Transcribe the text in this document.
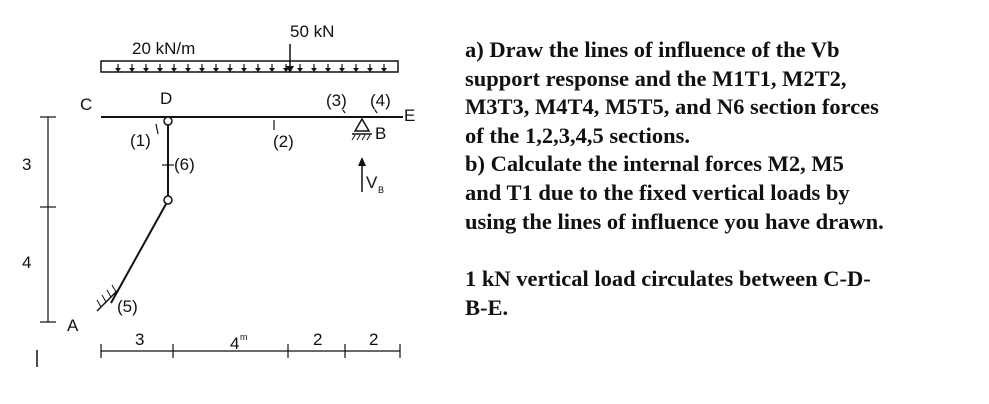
20 kN/m
50 kN
C	D
E
(1)
(6)
(2)
(3) (4)
(5)
B
V B
A
3
4
3	4 m	2	2

a) Draw the lines of influence of the Vb

support response and the M1T1, M2T2,

M3T3, M4T4, M5T5, and N6 section forces

of the 1,2,3,4,5 sections.

b) Calculate the internal forces M2, M5

and T1 due to the fixed vertical loads by

using the lines of influence you have drawn.

1 kN vertical load circulates between C-D-

B-E.
